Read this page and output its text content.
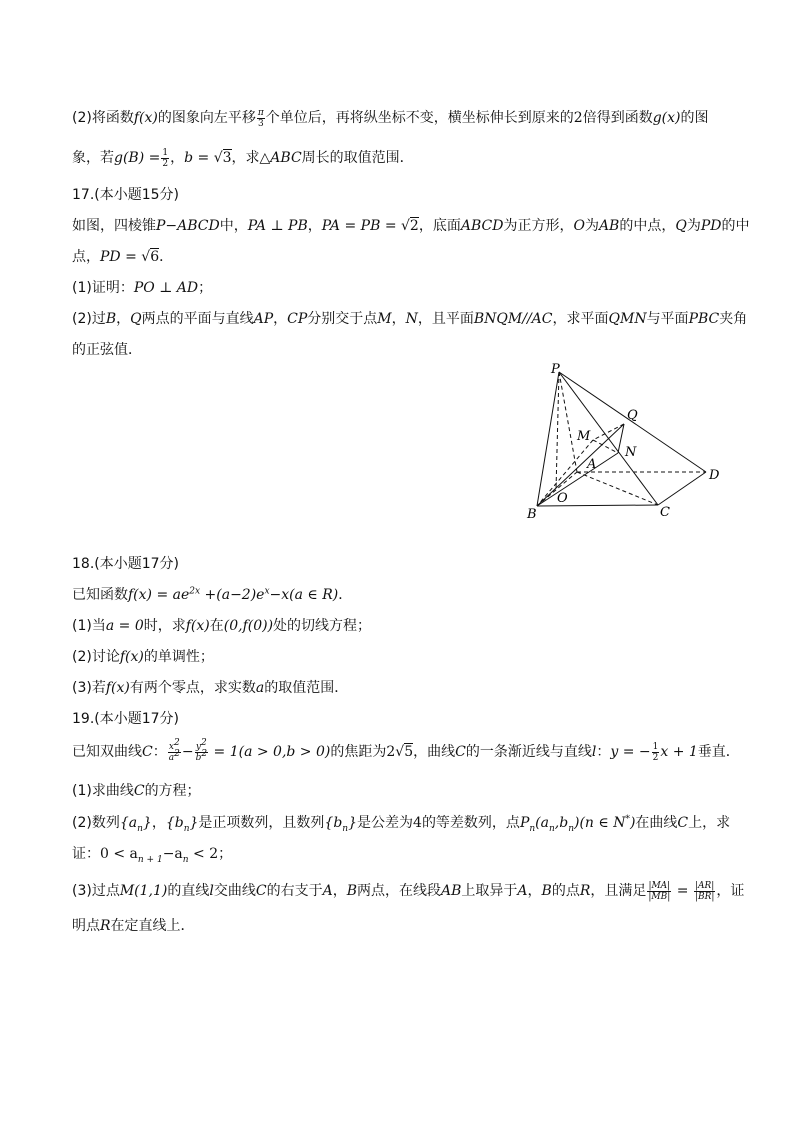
(2)将函数f(x)的图象向左平移 $\frac{\pi}{3}$ 个单位后，再将纵坐标不变，横坐标伸长到原来的2倍得到函数g(x)的图
象，若$g(B) = \frac{1}{2}$ ，b = √3，求△ABC周长的取值范围．
17.(本小题15分)
如图，四棱锥P−ABCD中，PA ⊥ PB，PA = PB = √2，底面ABCD为正方形，O为AB的中点，Q为PD的中
点，PD = √6．
(1)证明：PO ⊥ AD；
(2)过B，Q两点的平面与直线AP，CP分别交于点M，N，且平面BNQM//AC，求平面QMN与平面PBC夹角
的正弦值．
P
Q
M
N
A
D
O
B	C
18.(本小题17分)
已知函数$f(x) = ae^{2x} +(a-2)e^x-x(a$ ∈ R)．
(1)当a = 0时，求f(x)在(0,f(0))处的切线方程；
(2)讨论f(x)的单调性；
(3)若f(x)有两个零点，求实数a的取值范围．
19.(本小题17分)
已知双曲线C： $\frac{x2}{a2} - \frac{y2}{b2} = 1(a > 0,b > 0)$的焦距为2√5，曲线C的一条渐近线与直线l：y = − $\frac{1}{2}$ x + 1垂直．
(1)求曲线C的方程；
(2)数列$\{a_n\}$，$\{b_n\}$是正项数列，且数列$\{b_n\}$是公差为4的等差数列，点$P_n(a_n,b_n)(n$ ∈ N*)在曲线C上，求
证：$0 < a_{n + 1}-a_n < 2$；
(3)过点M(1,1)的直线l交曲线C的右支于A，B两点，在线段AB上取异于A，B的点R，且满足 $\frac{|MA|}{|MB|} = \frac{|AR|}{|BR|}$ ，证
明点R在定直线上．
